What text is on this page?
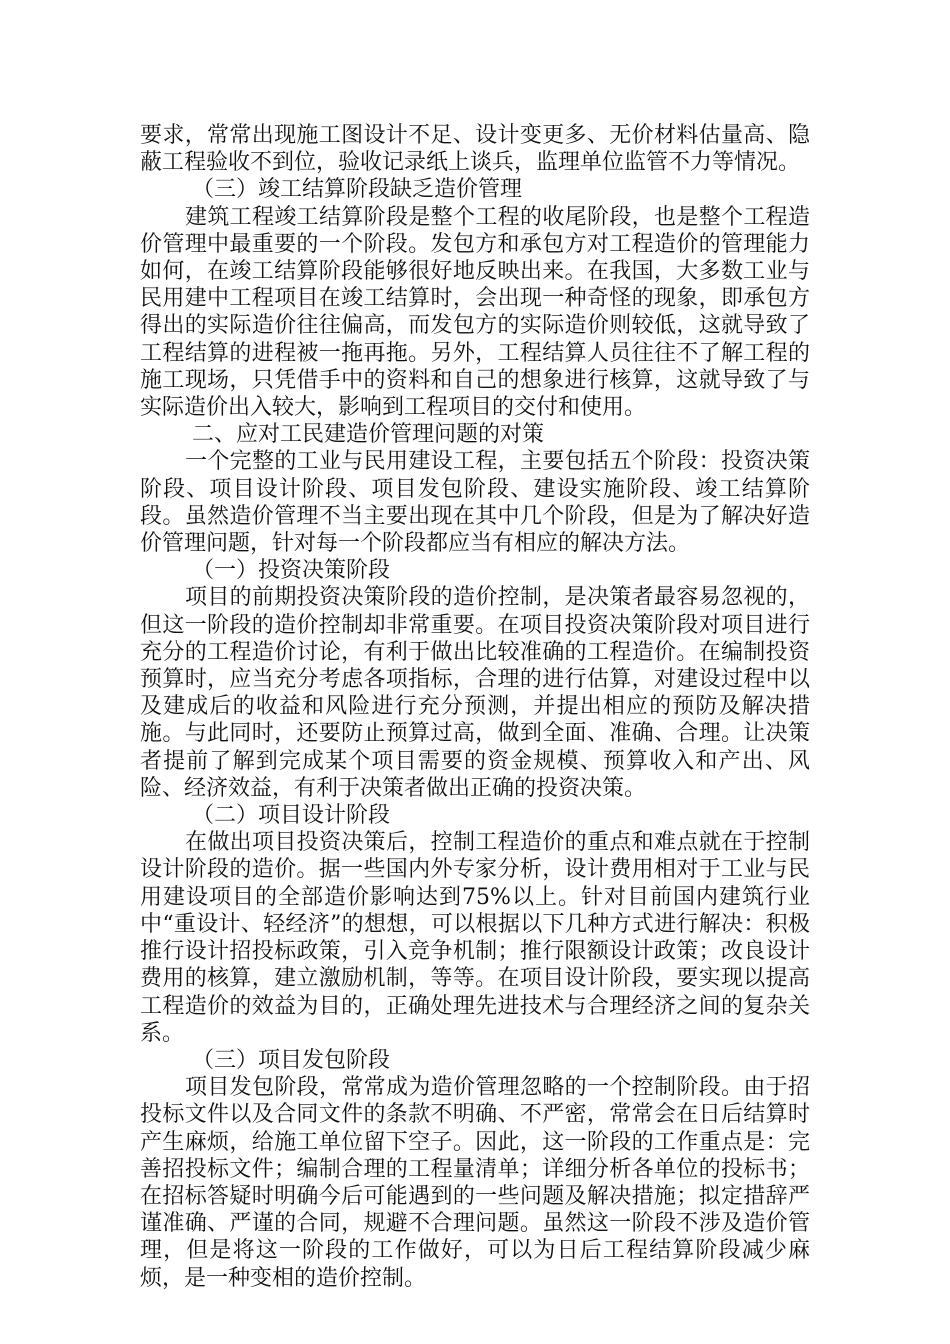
要求，常常出现施工图设计不足、设计变更多、无价材料估量高、隐蔽工程验收不到位，验收记录纸上谈兵，监理单位监管不力等情况。

（三）竣工结算阶段缺乏造价管理

建筑工程竣工结算阶段是整个工程的收尾阶段，也是整个工程造价管理中最重要的一个阶段。发包方和承包方对工程造价的管理能力如何，在竣工结算阶段能够很好地反映出来。在我国，大多数工业与民用建中工程项目在竣工结算时，会出现一种奇怪的现象，即承包方得出的实际造价往往偏高，而发包方的实际造价则较低，这就导致了工程结算的进程被一拖再拖。另外，工程结算人员往往不了解工程的施工现场，只凭借手中的资料和自己的想象进行核算，这就导致了与实际造价出入较大，影响到工程项目的交付和使用。

二、应对工民建造价管理问题的对策

一个完整的工业与民用建设工程，主要包括五个阶段：投资决策阶段、项目设计阶段、项目发包阶段、建设实施阶段、竣工结算阶段。虽然造价管理不当主要出现在其中几个阶段，但是为了解决好造价管理问题，针对每一个阶段都应当有相应的解决方法。

（一）投资决策阶段

项目的前期投资决策阶段的造价控制，是决策者最容易忽视的，但这一阶段的造价控制却非常重要。在项目投资决策阶段对项目进行充分的工程造价讨论，有利于做出比较准确的工程造价。在编制投资预算时，应当充分考虑各项指标，合理的进行估算，对建设过程中以及建成后的收益和风险进行充分预测，并提出相应的预防及解决措施。与此同时，还要防止预算过高，做到全面、准确、合理。让决策者提前了解到完成某个项目需要的资金规模、预算收入和产出、风险、经济效益，有利于决策者做出正确的投资决策。

（二）项目设计阶段

在做出项目投资决策后，控制工程造价的重点和难点就在于控制设计阶段的造价。据一些国内外专家分析，设计费用相对于工业与民用建设项目的全部造价影响达到75%以上。针对目前国内建筑行业中“重设计、轻经济”的想想，可以根据以下几种方式进行解决：积极推行设计招投标政策，引入竞争机制；推行限额设计政策；改良设计费用的核算，建立激励机制，等等。在项目设计阶段，要实现以提高工程造价的效益为目的，正确处理先进技术与合理经济之间的复杂关系。

（三）项目发包阶段

项目发包阶段，常常成为造价管理忽略的一个控制阶段。由于招投标文件以及合同文件的条款不明确、不严密，常常会在日后结算时产生麻烦，给施工单位留下空子。因此，这一阶段的工作重点是：完善招投标文件；编制合理的工程量清单；详细分析各单位的投标书；在招标答疑时明确今后可能遇到的一些问题及解决措施；拟定措辞严谨准确、严谨的合同，规避不合理问题。虽然这一阶段不涉及造价管理，但是将这一阶段的工作做好，可以为日后工程结算阶段减少麻烦，是一种变相的造价控制。
